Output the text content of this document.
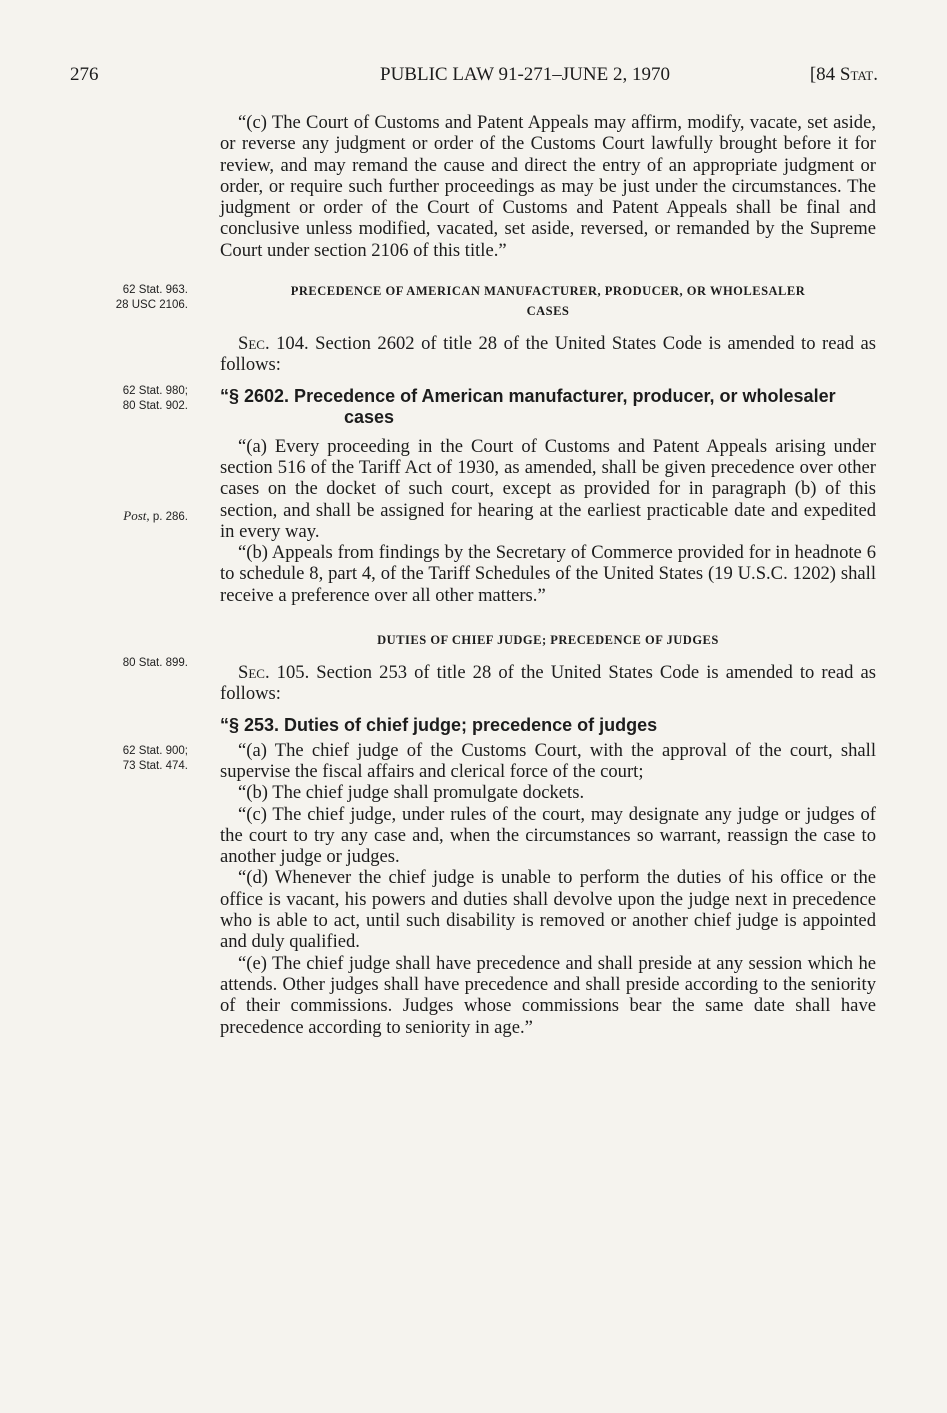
276	PUBLIC LAW 91-271–JUNE 2, 1970	[84 Stat.
62 Stat. 963.
28 USC 2106.
62 Stat. 980;
80 Stat. 902.
Post, p. 286.
80 Stat. 899.
62 Stat. 900;
73 Stat. 474.

“(c) The Court of Customs and Patent Appeals may affirm, modify, vacate, set aside, or reverse any judgment or order of the Customs Court lawfully brought before it for review, and may remand the cause and direct the entry of an appropriate judgment or order, or require such further proceedings as may be just under the circumstances. The judgment or order of the Court of Customs and Patent Appeals shall be final and conclusive unless modified, vacated, set aside, reversed, or remanded by the Supreme Court under section 2106 of this title.”

PRECEDENCE OF AMERICAN MANUFACTURER, PRODUCER, OR WHOLESALER
CASES

Sec. 104. Section 2602 of title 28 of the United States Code is amended to read as follows:

“§ 2602. Precedence of American manufacturer, producer, or wholesaler cases

“(a) Every proceeding in the Court of Customs and Patent Appeals arising under section 516 of the Tariff Act of 1930, as amended, shall be given precedence over other cases on the docket of such court, except as provided for in paragraph (b) of this section, and shall be assigned for hearing at the earliest practicable date and expedited in every way.

“(b) Appeals from findings by the Secretary of Commerce provided for in headnote 6 to schedule 8, part 4, of the Tariff Schedules of the United States (19 U.S.C. 1202) shall receive a preference over all other matters.”

DUTIES OF CHIEF JUDGE; PRECEDENCE OF JUDGES

Sec. 105. Section 253 of title 28 of the United States Code is amended to read as follows:

“§ 253. Duties of chief judge; precedence of judges

“(a) The chief judge of the Customs Court, with the approval of the court, shall supervise the fiscal affairs and clerical force of the court;

“(b) The chief judge shall promulgate dockets.

“(c) The chief judge, under rules of the court, may designate any judge or judges of the court to try any case and, when the circumstances so warrant, reassign the case to another judge or judges.

“(d) Whenever the chief judge is unable to perform the duties of his office or the office is vacant, his powers and duties shall devolve upon the judge next in precedence who is able to act, until such disability is removed or another chief judge is appointed and duly qualified.

“(e) The chief judge shall have precedence and shall preside at any session which he attends. Other judges shall have precedence and shall preside according to the seniority of their commissions. Judges whose commissions bear the same date shall have precedence according to seniority in age.”
